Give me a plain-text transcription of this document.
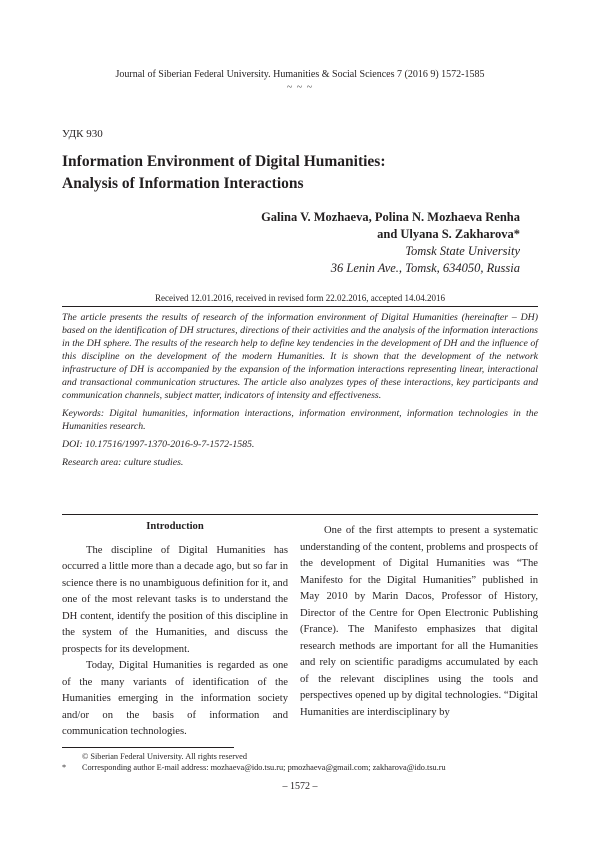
Journal of Siberian Federal University. Humanities & Social Sciences 7 (2016 9) 1572-1585
~ ~ ~
УДК 930
Information Environment of Digital Humanities:
Analysis of Information Interactions
Galina V. Mozhaeva, Polina N. Mozhaeva Renha
and Ulyana S. Zakharova*
Tomsk State University
36 Lenin Ave., Tomsk, 634050, Russia
Received 12.01.2016, received in revised form 22.02.2016, accepted 14.04.2016

The article presents the results of research of the information environment of Digital Humanities (hereinafter – DH) based on the identification of DH structures, directions of their activities and the analysis of the information interactions in the DH sphere. The results of the research help to define key tendencies in the development of DH and the influence of this discipline on the development of the modern Humanities. It is shown that the development of the network infrastructure of DH is accompanied by the expansion of the information interactions representing linear, interactional and transactional communication structures. The article also analyzes types of these interactions, key participants and communication channels, subject matter, indicators of intensity and effectiveness.

Keywords: Digital humanities, information interactions, information environment, information technologies in the Humanities research.

DOI: 10.17516/1997-1370-2016-9-7-1572-1585.

Research area: culture studies.

Introduction

The discipline of Digital Humanities has occurred a little more than a decade ago, but so far in science there is no unambiguous definition for it, and one of the most relevant tasks is to understand the DH content, identify the position of this discipline in the system of the Humanities, and discuss the prospects for its development.

Today, Digital Humanities is regarded as one of the many variants of identification of the Humanities emerging in the information society and/or on the basis of information and communication technologies.

One of the first attempts to present a systematic understanding of the content, problems and prospects of the development of Digital Humanities was “The Manifesto for the Digital Humanities” published in May 2010 by Marin Dacos, Professor of History, Director of the Centre for Open Electronic Publishing (France). The Manifesto emphasizes that digital research methods are important for all the Humanities and rely on scientific paradigms accumulated by each of the relevant disciplines using the tools and perspectives opened up by digital technologies. “Digital Humanities are interdisciplinary by

© Siberian Federal University. All rights reserved
* Corresponding author E-mail address: mozhaeva@ido.tsu.ru; pmozhaeva@gmail.com; zakharova@ido.tsu.ru
– 1572 –
